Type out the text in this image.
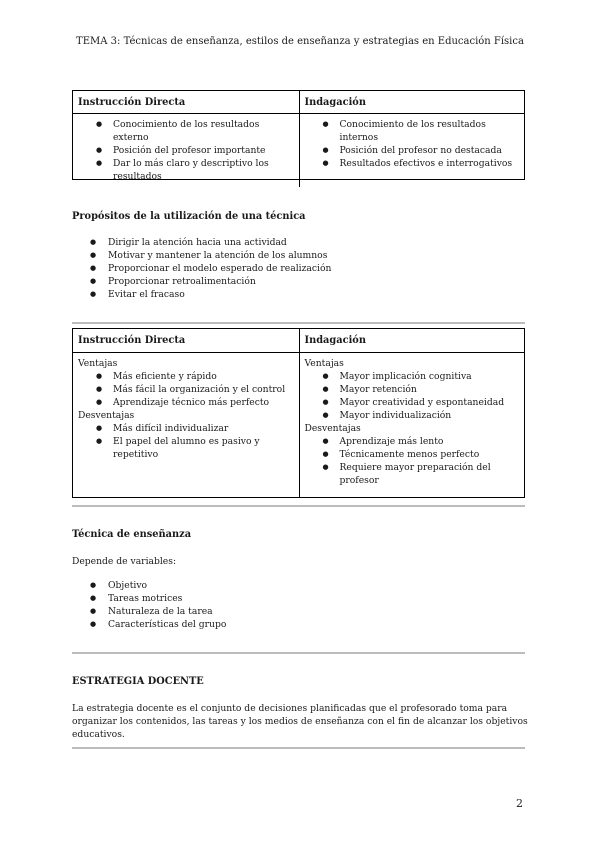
TEMA 3: Técnicas de enseñanza, estilos de enseñanza y estrategias en Educación Física
Instrucción Directa	Indagación
● Conocimiento de los resultados externo
● Posición del profesor importante
● Dar lo más claro y descriptivo los resultados
● Conocimiento de los resultados internos
● Posición del profesor no destacada
● Resultados efectivos e interrogativos
Propósitos de la utilización de una técnica
● Dirigir la atención hacia una actividad
● Motivar y mantener la atención de los alumnos
● Proporcionar el modelo esperado de realización
● Proporcionar retroalimentación
● Evitar el fracaso
Instrucción Directa	Indagación
Ventajas
● Más eficiente y rápido
● Más fácil la organización y el control
● Aprendizaje técnico más perfecto
Desventajas
● Más difícil individualizar
● El papel del alumno es pasivo y repetitivo
Ventajas
● Mayor implicación cognitiva
● Mayor retención
● Mayor creatividad y espontaneidad
● Mayor individualización
Desventajas
● Aprendizaje más lento
● Técnicamente menos perfecto
● Requiere mayor preparación del profesor
Técnica de enseñanza
Depende de variables:
● Objetivo
● Tareas motrices
● Naturaleza de la tarea
● Características del grupo
ESTRATEGIA DOCENTE
La estrategia docente es el conjunto de decisiones planificadas que el profesorado toma para organizar los contenidos, las tareas y los medios de enseñanza con el fin de alcanzar los objetivos educativos.
2
